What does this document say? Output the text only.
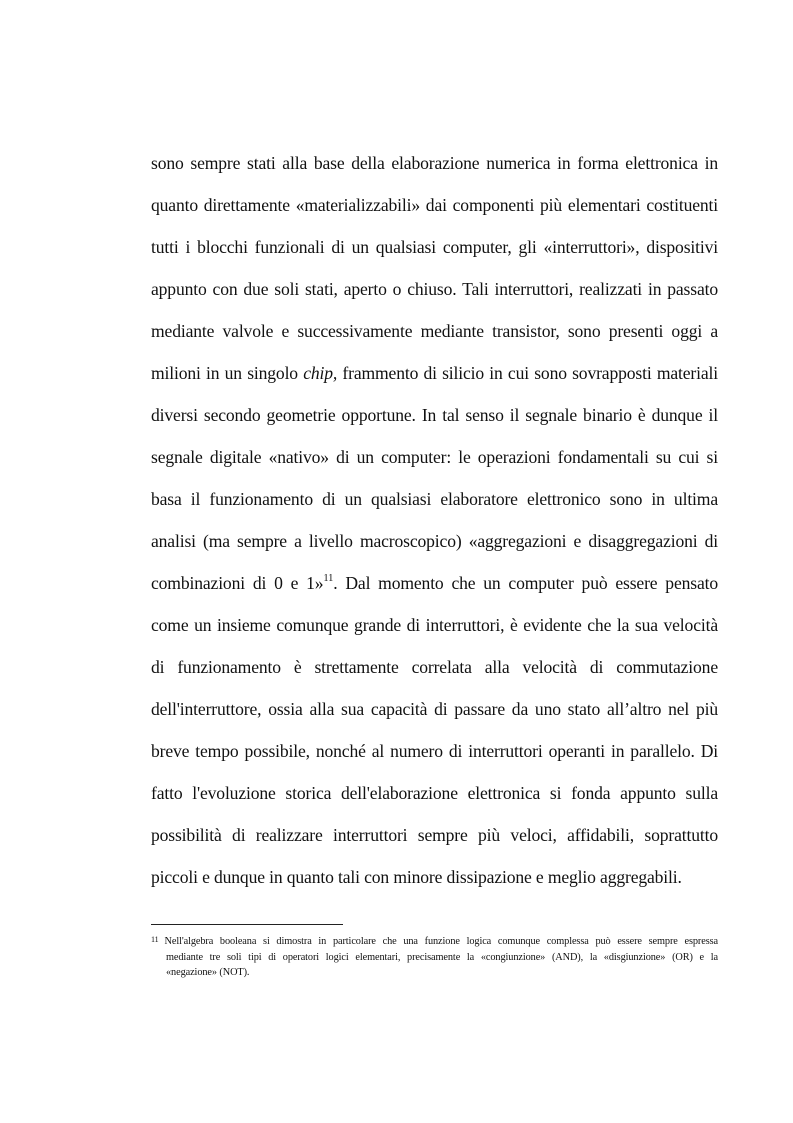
sono sempre stati alla base della elaborazione numerica in forma elettronica in
quanto direttamente «materializzabili» dai componenti più elementari costituenti
tutti i blocchi funzionali di un qualsiasi computer, gli «interruttori», dispositivi
appunto con due soli stati, aperto o chiuso. Tali interruttori, realizzati in passato
mediante valvole e successivamente mediante transistor, sono presenti oggi a
milioni in un singolo chip, frammento di silicio in cui sono sovrapposti materiali
diversi secondo geometrie opportune. In tal senso il segnale binario è dunque il
segnale digitale «nativo» di un computer: le operazioni fondamentali su cui si
basa il funzionamento di un qualsiasi elaboratore elettronico sono in ultima
analisi (ma sempre a livello macroscopico) «aggregazioni e disaggregazioni di
combinazioni di 0 e 1»$^{11}$. Dal momento che un computer può essere pensato
come un insieme comunque grande di interruttori, è evidente che la sua velocità
di funzionamento è strettamente correlata alla velocità di commutazione
dell'interruttore, ossia alla sua capacità di passare da uno stato all’altro nel più
breve tempo possibile, nonché al numero di interruttori operanti in parallelo. Di
fatto l'evoluzione storica dell'elaborazione elettronica si fonda appunto sulla
possibilità di realizzare interruttori sempre più veloci, affidabili, soprattutto
piccoli e dunque in quanto tali con minore dissipazione e meglio aggregabili.
11 Nell'algebra booleana si dimostra in particolare che una funzione logica comunque complessa può essere sempre espressa
mediante tre soli tipi di operatori logici elementari, precisamente la «congiunzione» (AND), la «disgiunzione» (OR) e la
«negazione» (NOT).
